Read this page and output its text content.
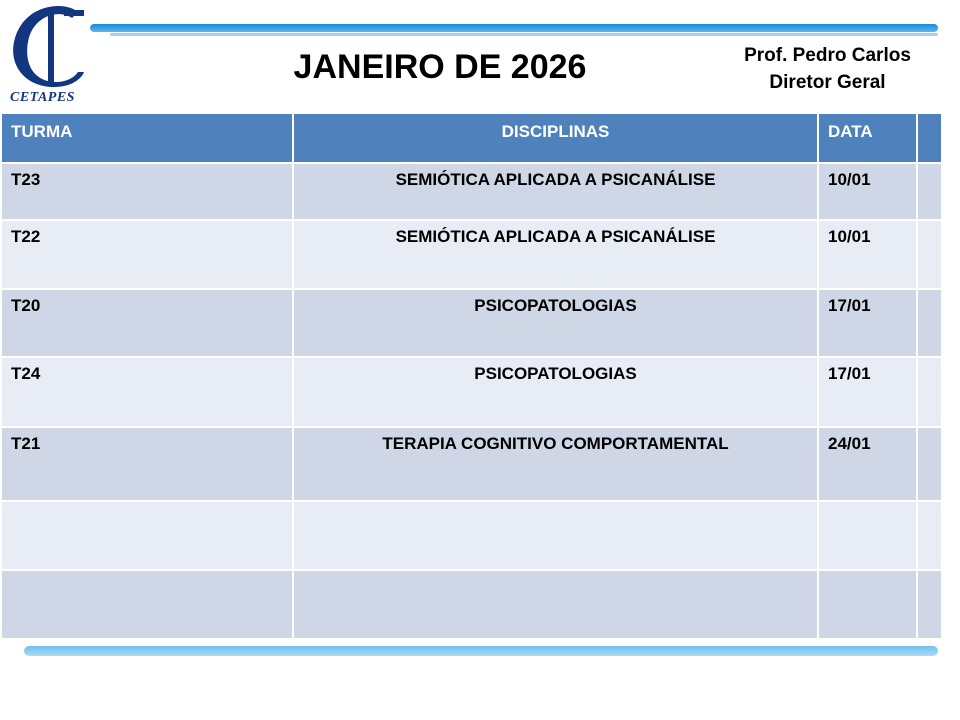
CETAPES
JANEIRO DE 2026	Prof. Pedro Carlos
Diretor Geral
TURMA	DISCIPLINAS	DATA	
T23	SEMIÓTICA APLICADA A PSICANÁLISE	10/01	
T22	SEMIÓTICA APLICADA A PSICANÁLISE	10/01	
T20	PSICOPATOLOGIAS	17/01	
T24	PSICOPATOLOGIAS	17/01	
T21	TERAPIA COGNITIVO COMPORTAMENTAL	24/01	
